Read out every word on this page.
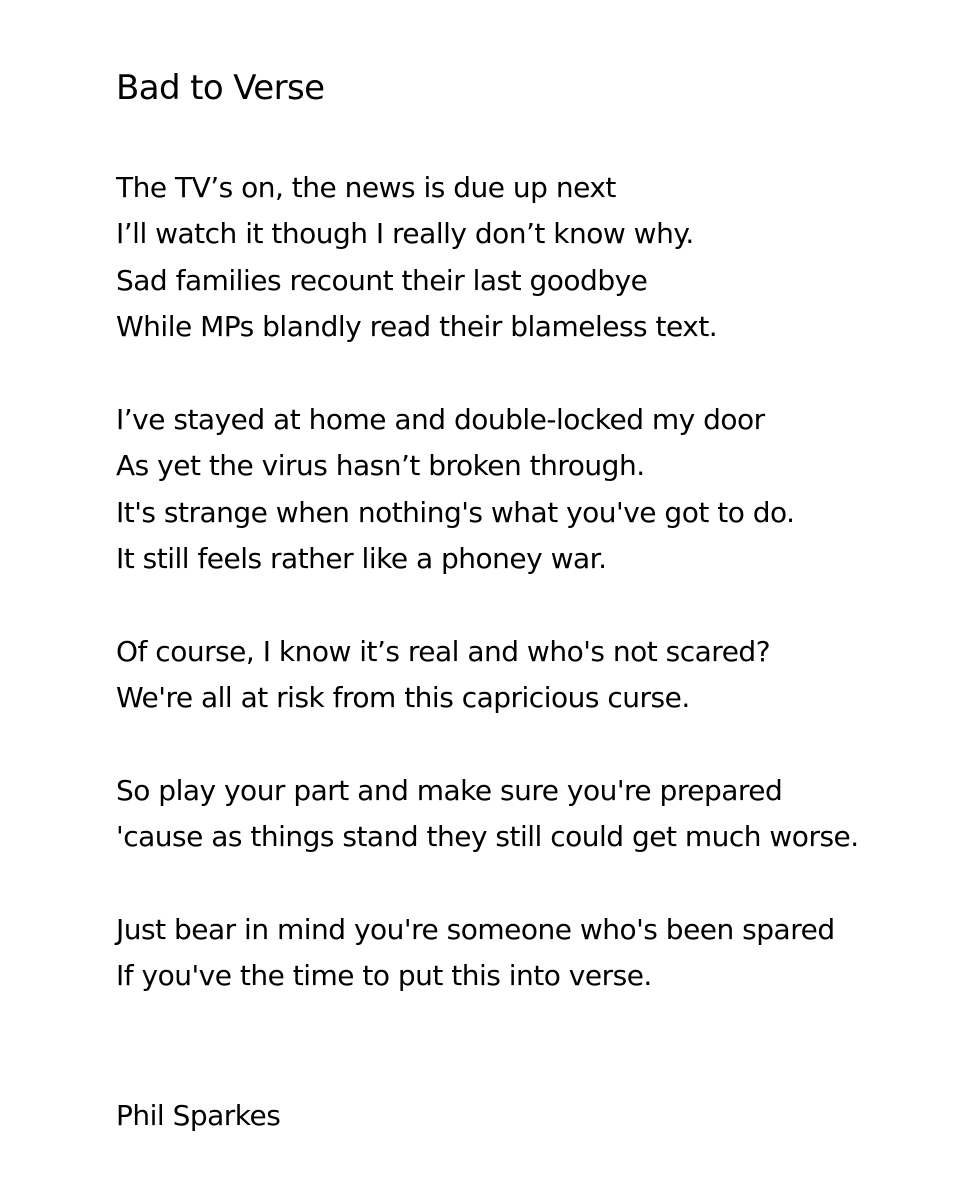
Bad to Verse
The TV’s on, the news is due up next
I’ll watch it though I really don’t know why.
Sad families recount their last goodbye
While MPs blandly read their blameless text.
I’ve stayed at home and double-locked my door
As yet the virus hasn’t broken through.
It's strange when nothing's what you've got to do.
It still feels rather like a phoney war.
Of course, I know it’s real and who's not scared?
We're all at risk from this capricious curse.
So play your part and make sure you're prepared
'cause as things stand they still could get much worse.
Just bear in mind you're someone who's been spared
If you've the time to put this into verse.
Phil Sparkes
